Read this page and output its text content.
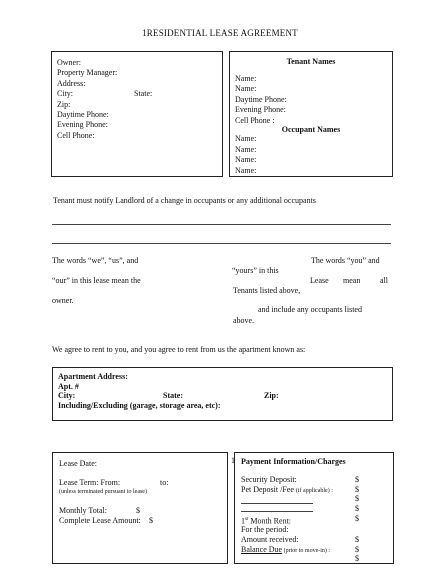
1RESIDENTIAL LEASE AGREEMENT
Owner:
Property Manager:
Address:
City:	State:
Zip:
Daytime Phone:
Evening Phone:
Cell Phone:
Tenant Names
Name:
Name:
Daytime Phone:
Evening Phone:
Cell Phone :
Occupant Names
Name:
Name:
Name:
Name:
Tenant must notify Landlord of a change in occupants or any additional occupants
The words “we”, “us”, and
“our” in this lease mean the
owner.
The words “you” and
“yours” in this
Lease mean all
Tenants listed above,
and include any occupants listed
above.
We agree to rent to you, and you agree to rent from us the apartment known as:
Apartment Address:
Apt. #
City:	State:	Zip:
Including/Excluding (garage, storage area, etc):
Lease Date:
Lease Term: From:	to:
(unless terminated pursuant to lease)
Monthly Total:	$
Complete Lease Amount: $
1 Payment Information/Charges
Security Deposit:	$
Pet Deposit /Fee (if applicable) :	$
$
$
1st Month Rent:	$
For the period:
Amount received:	$
Balance Due (prior to move-in) :	$
$
